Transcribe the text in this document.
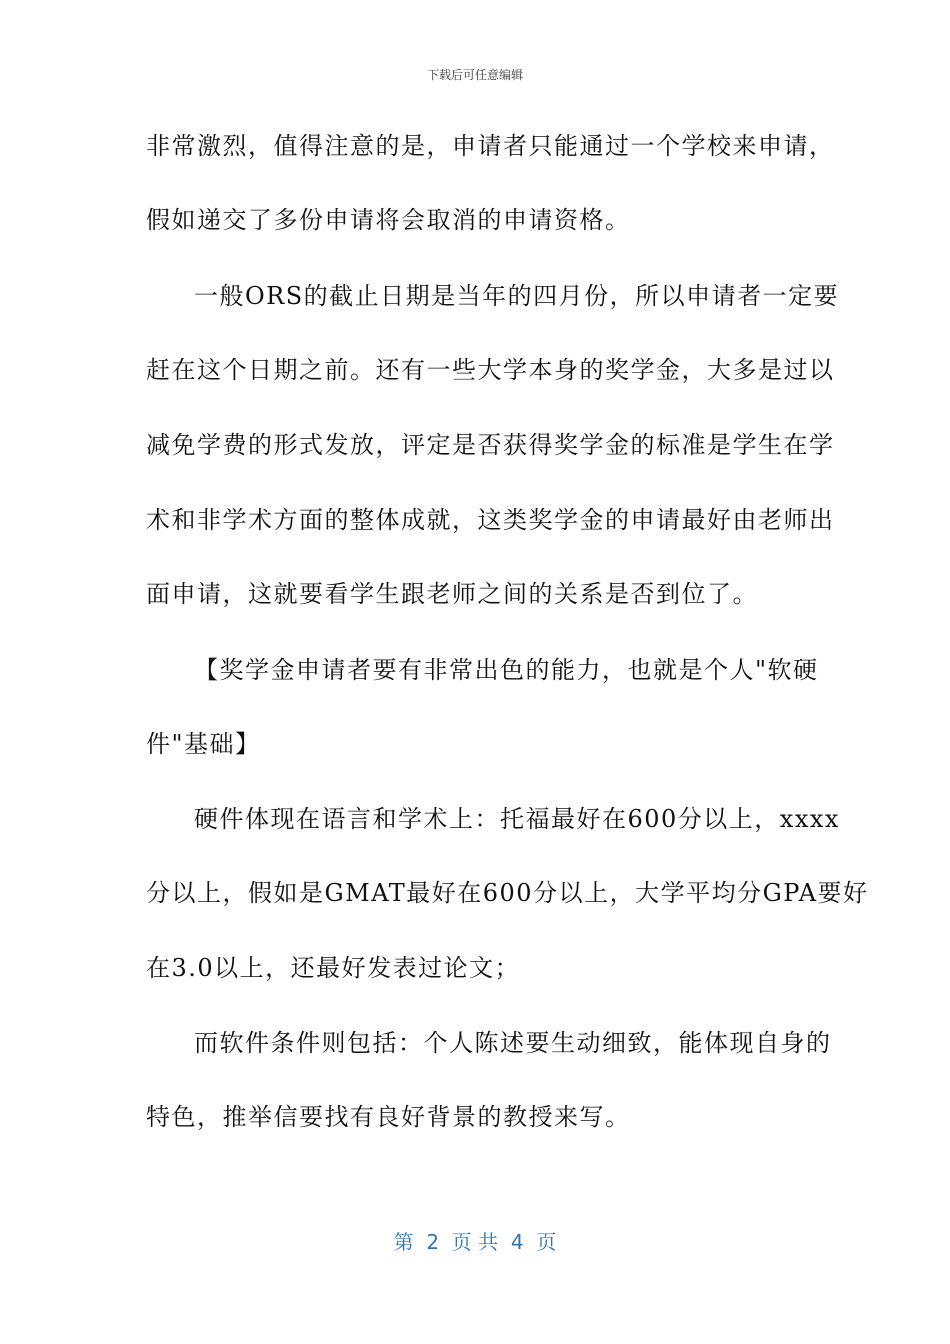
下载后可任意编辑
非常激烈，值得注意的是，申请者只能通过一个学校来申请，
假如递交了多份申请将会取消的申请资格。
一般ORS的截止日期是当年的四月份，所以申请者一定要
赶在这个日期之前。还有一些大学本身的奖学金，大多是过以
减免学费的形式发放，评定是否获得奖学金的标准是学生在学
术和非学术方面的整体成就，这类奖学金的申请最好由老师出
面申请，这就要看学生跟老师之间的关系是否到位了。
【奖学金申请者要有非常出色的能力，也就是个人"软硬
件"基础】
硬件体现在语言和学术上：托福最好在600分以上，xxxx
分以上，假如是GMAT最好在600分以上，大学平均分GPA要好
在3.0以上，还最好发表过论文；
而软件条件则包括：个人陈述要生动细致，能体现自身的
特色，推举信要找有良好背景的教授来写。
第  2  页 共  4  页
